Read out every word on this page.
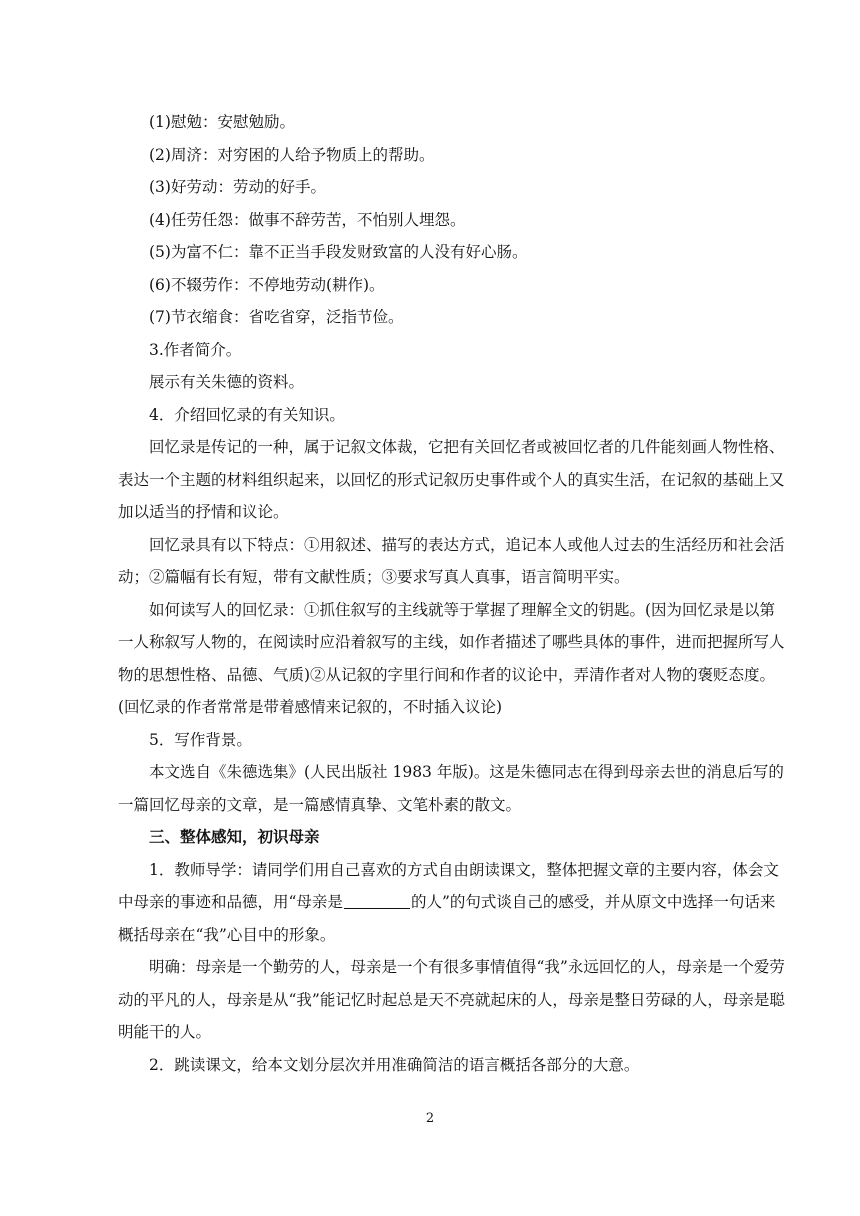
(1)慰勉：安慰勉励。

(2)周济：对穷困的人给予物质上的帮助。

(3)好劳动：劳动的好手。

(4)任劳任怨：做事不辞劳苦，不怕别人埋怨。

(5)为富不仁：靠不正当手段发财致富的人没有好心肠。

(6)不辍劳作：不停地劳动(耕作)。

(7)节衣缩食：省吃省穿，泛指节俭。

3.作者简介。

展示有关朱德的资料。

4．介绍回忆录的有关知识。

回忆录是传记的一种，属于记叙文体裁，它把有关回忆者或被回忆者的几件能刻画人物性格、表达一个主题的材料组织起来，以回忆的形式记叙历史事件或个人的真实生活，在记叙的基础上又加以适当的抒情和议论。

回忆录具有以下特点：①用叙述、描写的表达方式，追记本人或他人过去的生活经历和社会活动；②篇幅有长有短，带有文献性质；③要求写真人真事，语言简明平实。

如何读写人的回忆录：①抓住叙写的主线就等于掌握了理解全文的钥匙。(因为回忆录是以第一人称叙写人物的，在阅读时应沿着叙写的主线，如作者描述了哪些具体的事件，进而把握所写人物的思想性格、品德、气质)②从记叙的字里行间和作者的议论中，弄清作者对人物的褒贬态度。(回忆录的作者常常是带着感情来记叙的，不时插入议论)

5．写作背景。

本文选自《朱德选集》(人民出版社 1983 年版)。这是朱德同志在得到母亲去世的消息后写的一篇回忆母亲的文章，是一篇感情真挚、文笔朴素的散文。

三、整体感知，初识母亲

1．教师导学：请同学们用自己喜欢的方式自由朗读课文，整体把握文章的主要内容，体会文中母亲的事迹和品德，用“母亲是	的人”的句式谈自己的感受，并从原文中选择一句话来概括母亲在“我”心目中的形象。

明确：母亲是一个勤劳的人，母亲是一个有很多事情值得“我”永远回忆的人，母亲是一个爱劳动的平凡的人，母亲是从“我”能记忆时起总是天不亮就起床的人，母亲是整日劳碌的人，母亲是聪明能干的人。

2．跳读课文，给本文划分层次并用准确简洁的语言概括各部分的大意。

2
